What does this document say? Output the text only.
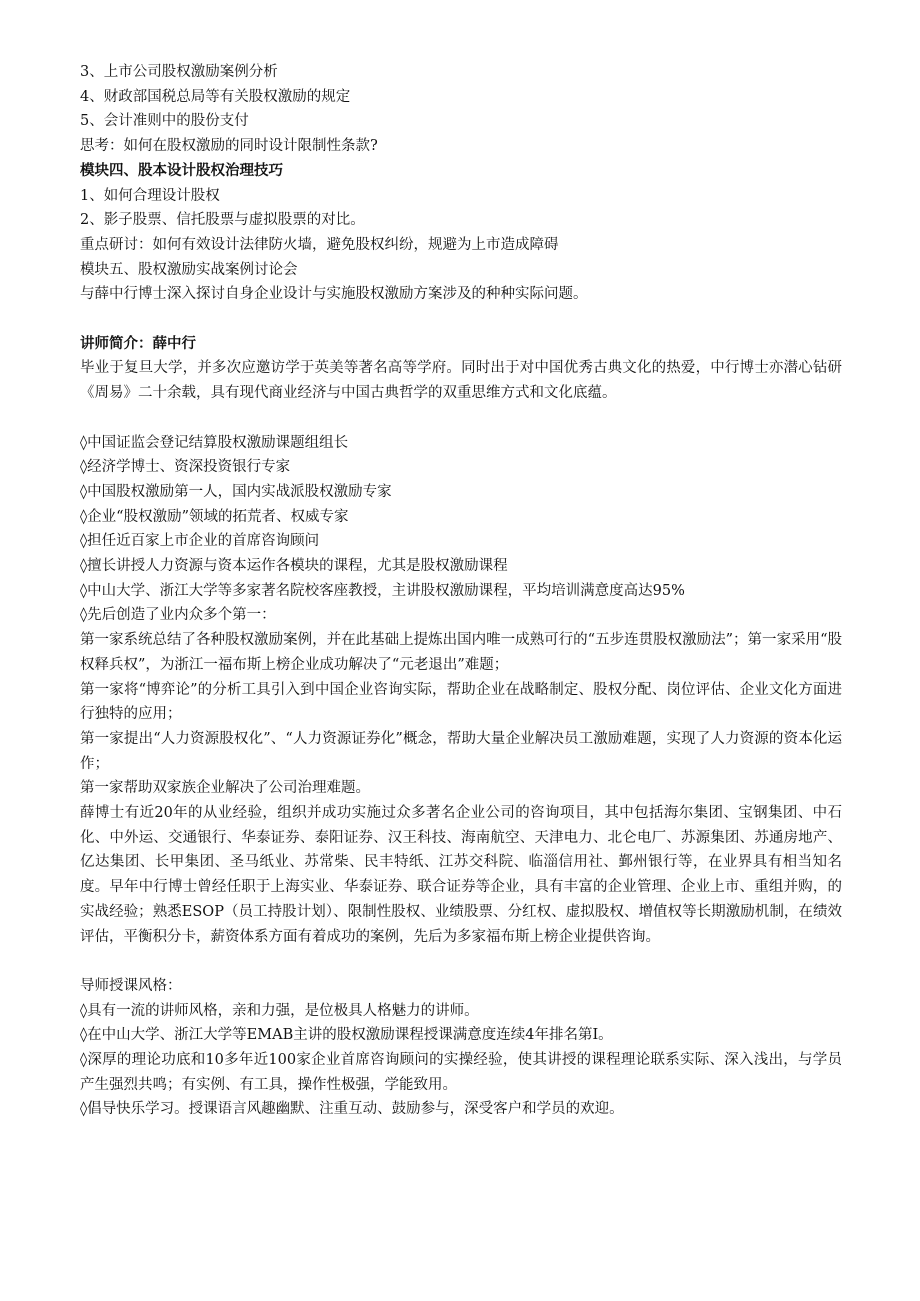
3、上市公司股权激励案例分析

4、财政部国税总局等有关股权激励的规定

5、会计准则中的股份支付

思考：如何在股权激励的同时设计限制性条款?

模块四、股本设计股权治理技巧

1、如何合理设计股权

2、影子股票、信托股票与虚拟股票的对比。

重点研讨：如何有效设计法律防火墙，避免股权纠纷，规避为上市造成障碍

模块五、股权激励实战案例讨论会

与薛中行博士深入探讨自身企业设计与实施股权激励方案涉及的种种实际问题。

讲师简介：薛中行

毕业于复旦大学，并多次应邀访学于英美等著名高等学府。同时出于对中国优秀古典文化的热爱，中行博士亦潜心钻研《周易》二十余载，具有现代商业经济与中国古典哲学的双重思维方式和文化底蕴。

◊中国证监会登记结算股权激励课题组组长

◊经济学博士、资深投资银行专家

◊中国股权激励第一人，国内实战派股权激励专家

◊企业“股权激励”领域的拓荒者、权威专家

◊担任近百家上市企业的首席咨询顾问

◊擅长讲授人力资源与资本运作各模块的课程，尤其是股权激励课程

◊中山大学、浙江大学等多家著名院校客座教授，主讲股权激励课程，平均培训满意度高达95%

◊先后创造了业内众多个第一：

第一家系统总结了各种股权激励案例，并在此基础上提炼出国内唯一成熟可行的“五步连贯股权激励法”；第一家采用“股权释兵权”，为浙江一福布斯上榜企业成功解决了“元老退出”难题；

第一家将“博弈论”的分析工具引入到中国企业咨询实际，帮助企业在战略制定、股权分配、岗位评估、企业文化方面进行独特的应用；

第一家提出“人力资源股权化”、“人力资源证券化”概念，帮助大量企业解决员工激励难题，实现了人力资源的资本化运作；

第一家帮助双家族企业解决了公司治理难题。

薛博士有近20年的从业经验，组织并成功实施过众多著名企业公司的咨询项目，其中包括海尔集团、宝钢集团、中石化、中外运、交通银行、华泰证券、泰阳证券、汉王科技、海南航空、天津电力、北仑电厂、苏源集团、苏通房地产、亿达集团、长甲集团、圣马纸业、苏常柴、民丰特纸、江苏交科院、临淄信用社、鄞州银行等，在业界具有相当知名度。早年中行博士曾经任职于上海实业、华泰证券、联合证券等企业，具有丰富的企业管理、企业上市、重组并购，的实战经验；熟悉ESOP（员工持股计划）、限制性股权、业绩股票、分红权、虚拟股权、增值权等长期激励机制，在绩效评估，平衡积分卡，薪资体系方面有着成功的案例，先后为多家福布斯上榜企业提供咨询。

导师授课风格：

◊具有一流的讲师风格，亲和力强，是位极具人格魅力的讲师。

◊在中山大学、浙江大学等EMAB主讲的股权激励课程授课满意度连续4年排名第I。

◊深厚的理论功底和10多年近100家企业首席咨询顾问的实操经验，使其讲授的课程理论联系实际、深入浅出，与学员产生强烈共鸣；有实例、有工具，操作性极强，学能致用。

◊倡导快乐学习。授课语言风趣幽默、注重互动、鼓励参与，深受客户和学员的欢迎。
